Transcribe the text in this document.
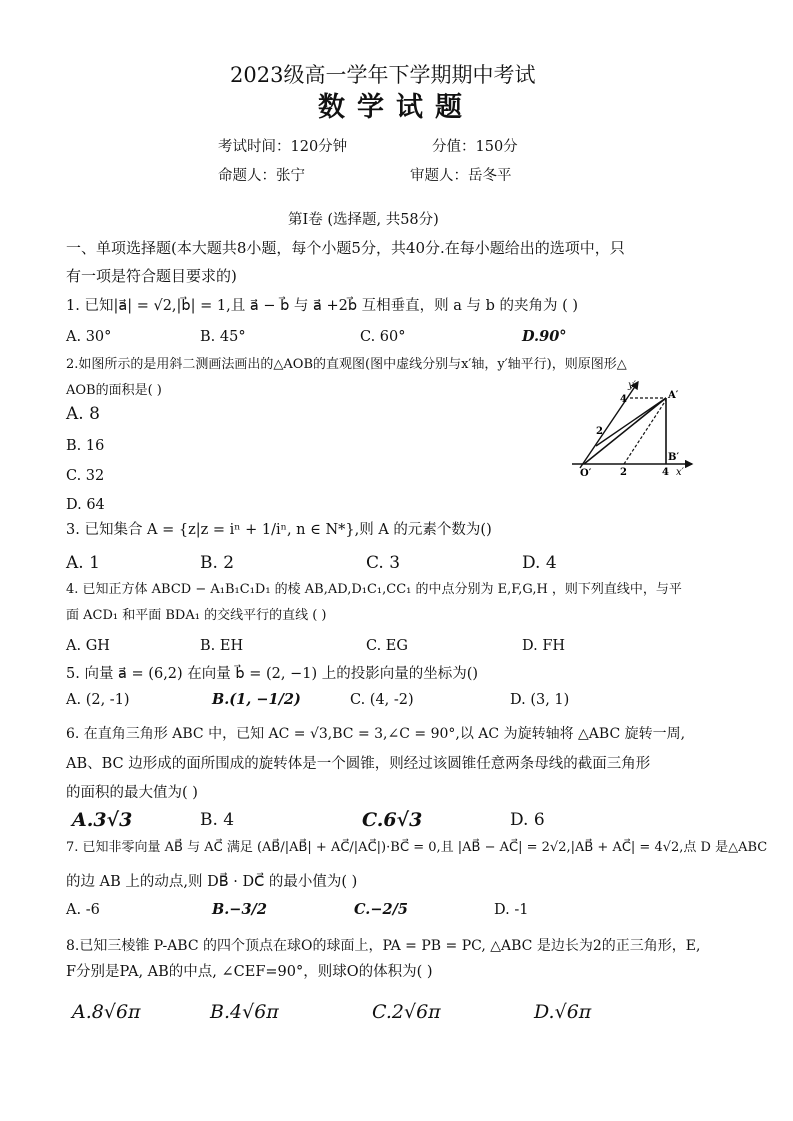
2023级高一学年下学期期中考试
数学试题
考试时间：120分钟	分值：150分
命题人：张宁	审题人：岳冬平
第Ⅰ卷 (选择题, 共58分)
一、单项选择题(本大题共8小题，每个小题5分，共40分.在每小题给出的选项中，只
有一项是符合题目要求的)
1. 已知|a⃗| = √2,|b⃗| = 1,且 a⃗ − b⃗ 与 a⃗ +2b⃗ 互相垂直，则 a 与 b 的夹角为 ( )
A. 30°	B. 45°	C. 60°	D.90°
2.如图所示的是用斜二测画法画出的△AOB的直观图(图中虚线分别与x′轴，y′轴平行)，则原图形△
AOB的面积是( )
A. 8
B. 16
C. 32
D. 64
y′
4
2
A′
B′
O′	2	4 x′
3. 已知集合 A = {z|z = iⁿ + 1/iⁿ, n ∈ N*},则 A 的元素个数为()
A. 1	B. 2	C. 3	D. 4
4. 已知正方体 ABCD − A₁B₁C₁D₁ 的棱 AB,AD,D₁C₁,CC₁ 的中点分别为 E,F,G,H ，则下列直线中，与平
面 ACD₁ 和平面 BDA₁ 的交线平行的直线 ( )
A. GH	B. EH	C. EG	D. FH
5. 向量 a⃗ = (6,2) 在向量 b⃗ = (2, −1) 上的投影向量的坐标为()
A. (2, -1)	B.(1, −1/2)	C. (4, -2)	D. (3, 1)
6. 在直角三角形 ABC 中，已知 AC = √3,BC = 3,∠C = 90°,以 AC 为旋转轴将 △ABC 旋转一周,
AB、BC 边形成的面所围成的旋转体是一个圆锥，则经过该圆锥任意两条母线的截面三角形
的面积的最大值为( )
A.3√3	B. 4	C.6√3	D. 6
7. 已知非零向量 AB⃗ 与 AC⃗ 满足 (AB⃗/|AB⃗| + AC⃗/|AC⃗|)·BC⃗ = 0,且 |AB⃗ − AC⃗| = 2√2,|AB⃗ + AC⃗| = 4√2,点 D 是△ABC
的边 AB 上的动点,则 DB⃗ · DC⃗ 的最小值为( )
A. -6	B.−3/2	C.−2/5	D. -1
8.已知三棱锥 P-ABC 的四个顶点在球O的球面上，PA = PB = PC, △ABC 是边长为2的正三角形，E,
F分别是PA, AB的中点, ∠CEF=90°，则球O的体积为( )
A.8√6π	B.4√6π	C.2√6π	D.√6π
